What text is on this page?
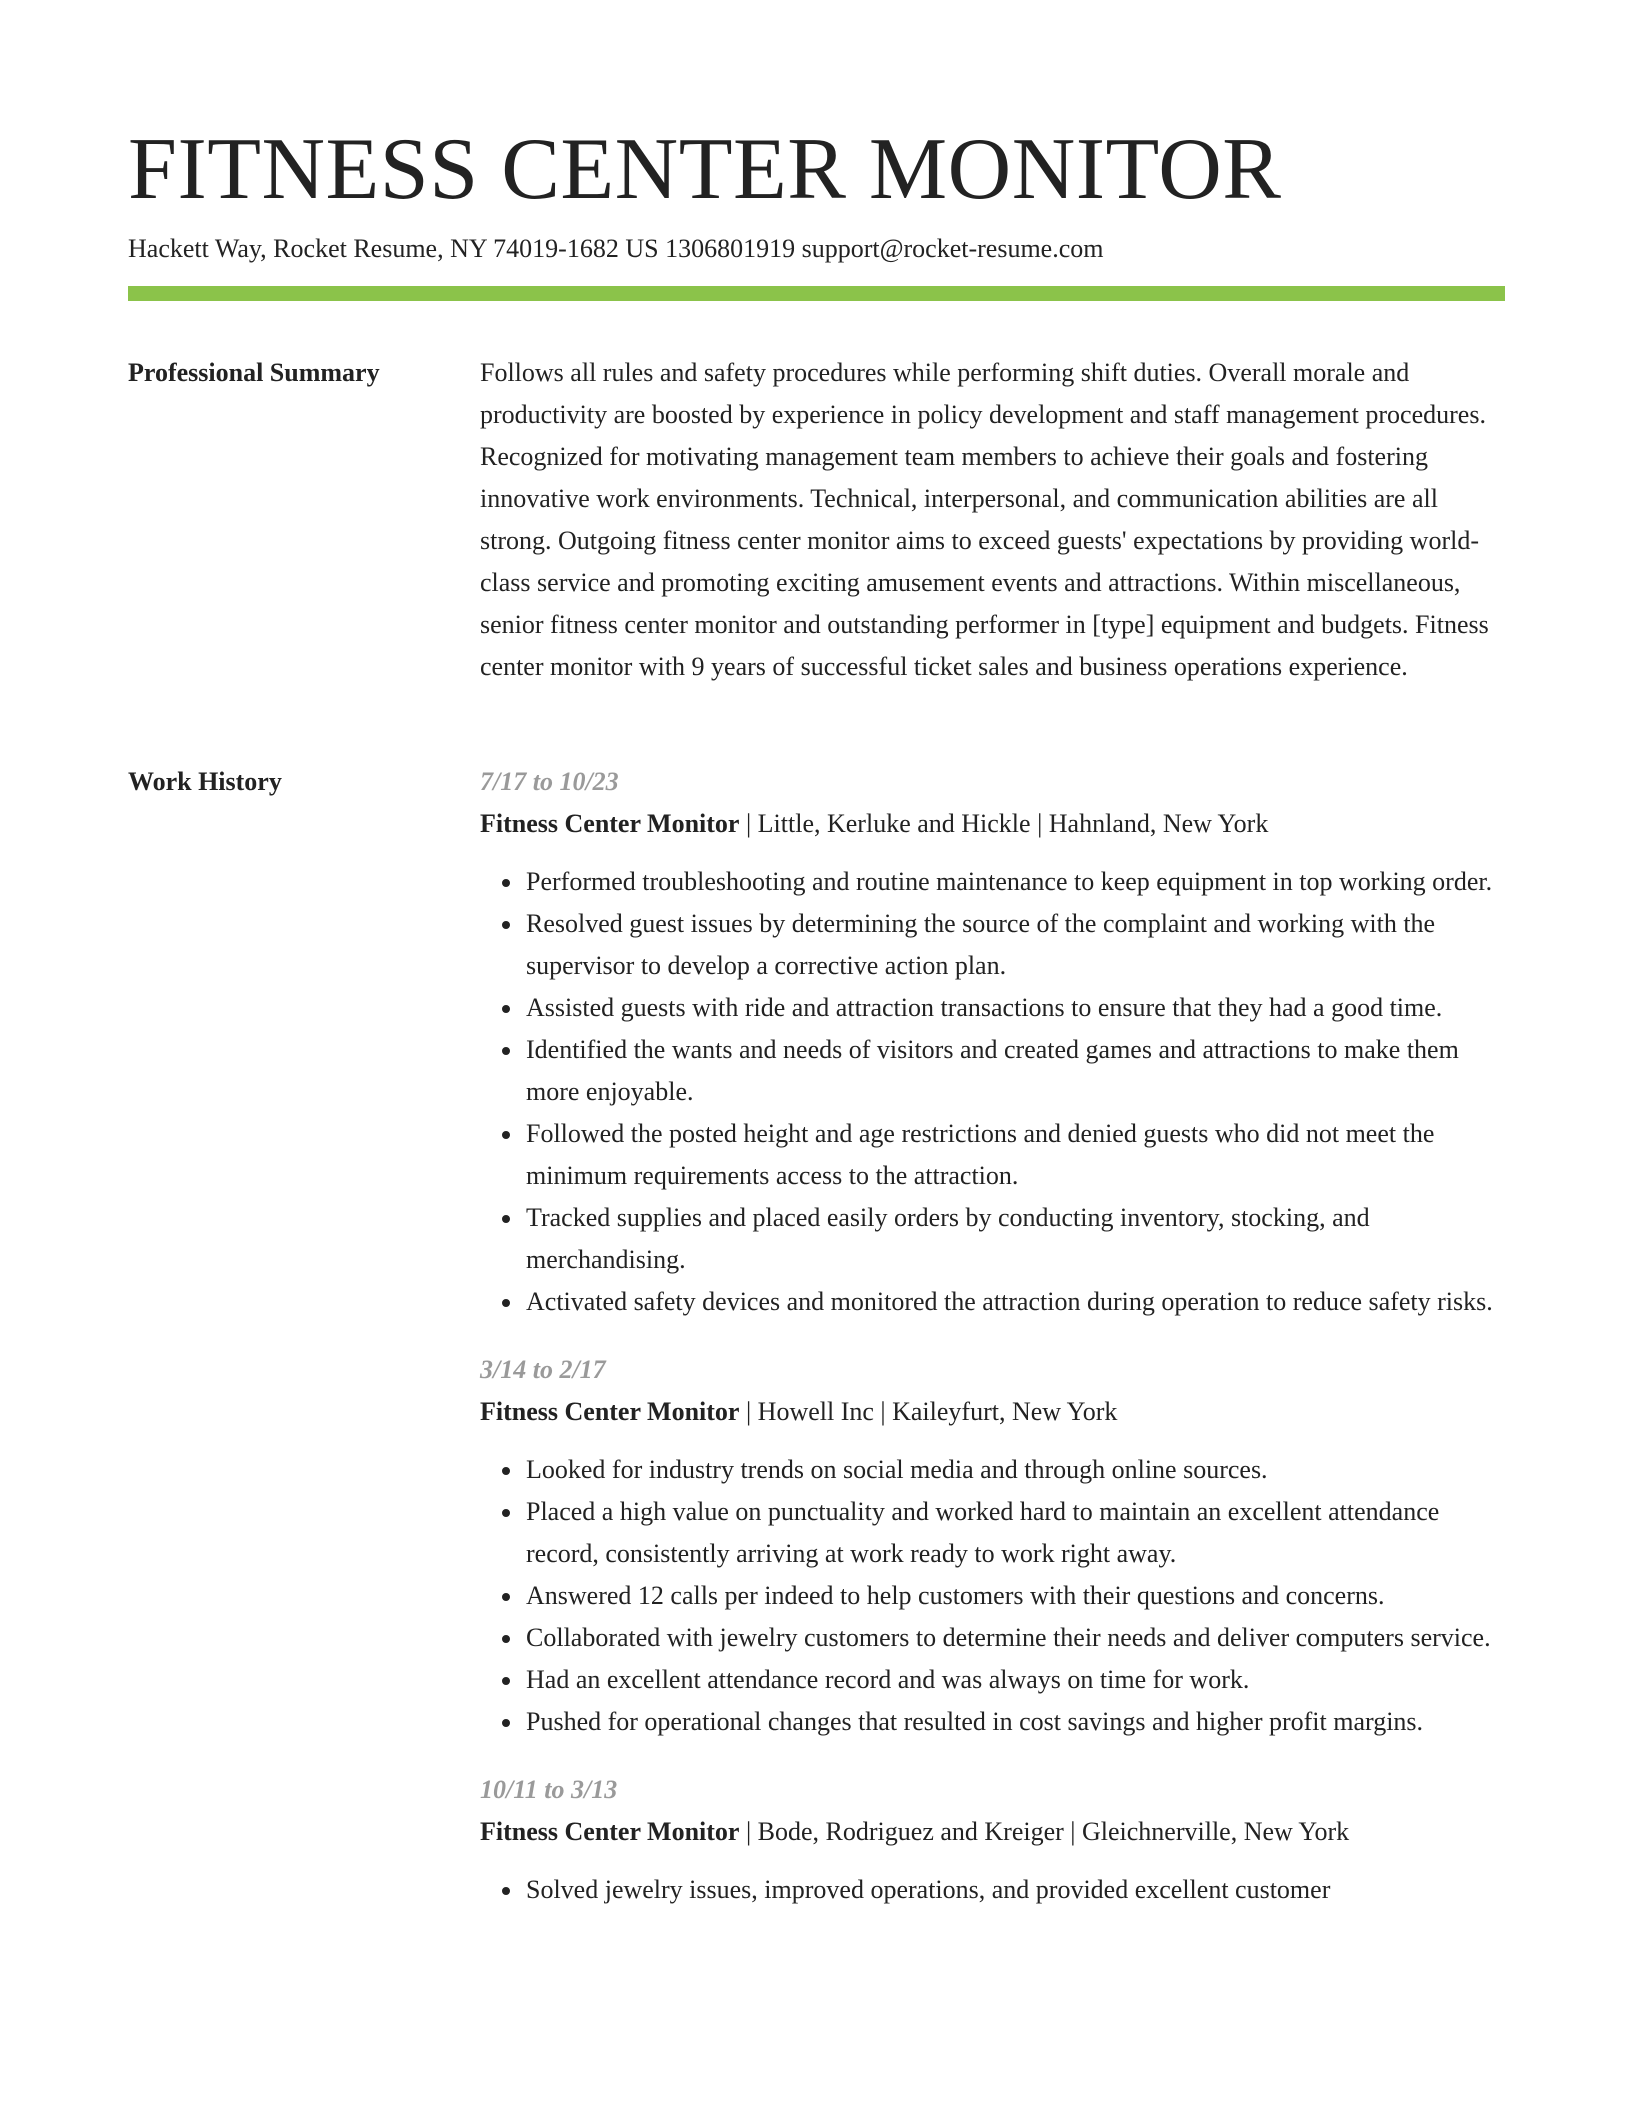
FITNESS CENTER MONITOR
Hackett Way, Rocket Resume, NY 74019-1682 US 1306801919 support@rocket-resume.com
Professional Summary	Follows all rules and safety procedures while performing shift duties. Overall morale and productivity are boosted by experience in policy development and staff management procedures. Recognized for motivating management team members to achieve their goals and fostering innovative work environments. Technical, interpersonal, and communication abilities are all strong. Outgoing fitness center monitor aims to exceed guests' expectations by providing world-class service and promoting exciting amusement events and attractions. Within miscellaneous, senior fitness center monitor and outstanding performer in [type] equipment and budgets. Fitness center monitor with 9 years of successful ticket sales and business operations experience.

Work History	7/17 to 10/23
Fitness Center Monitor | Little, Kerluke and Hickle | Hahnland, New York
• Performed troubleshooting and routine maintenance to keep equipment in top working order.
• Resolved guest issues by determining the source of the complaint and working with the supervisor to develop a corrective action plan.
• Assisted guests with ride and attraction transactions to ensure that they had a good time.
• Identified the wants and needs of visitors and created games and attractions to make them more enjoyable.
• Followed the posted height and age restrictions and denied guests who did not meet the minimum requirements access to the attraction.
• Tracked supplies and placed easily orders by conducting inventory, stocking, and merchandising.
• Activated safety devices and monitored the attraction during operation to reduce safety risks.
3/14 to 2/17
Fitness Center Monitor | Howell Inc | Kaileyfurt, New York
• Looked for industry trends on social media and through online sources.
• Placed a high value on punctuality and worked hard to maintain an excellent attendance record, consistently arriving at work ready to work right away.
• Answered 12 calls per indeed to help customers with their questions and concerns.
• Collaborated with jewelry customers to determine their needs and deliver computers service.
• Had an excellent attendance record and was always on time for work.
• Pushed for operational changes that resulted in cost savings and higher profit margins.
10/11 to 3/13
Fitness Center Monitor | Bode, Rodriguez and Kreiger | Gleichnerville, New York
• Solved jewelry issues, improved operations, and provided excellent customer
